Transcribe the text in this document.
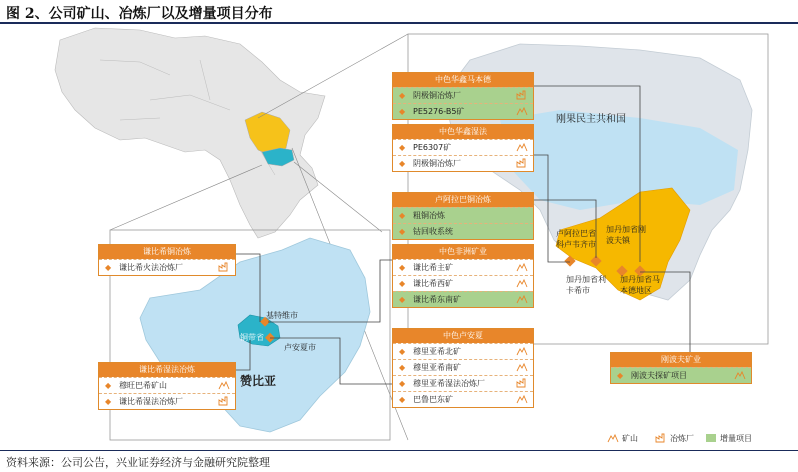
图 2、公司矿山、冶炼厂以及增量项目分布
刚果民主共和国
赞比亚
铜带省
基特维市
卢安夏市
卢阿拉巴省科卢韦齐市
加丹加省刚波夫镇
加丹加省利卡希市
加丹加省马本德地区
中色华鑫马本德
◆ 阴极铜冶炼厂
◆ PE5276-B5矿
中色华鑫湿法
◆ PE6307矿
◆ 阴极铜冶炼厂
卢阿拉巴铜冶炼
◆ 粗铜冶炼
◆ 钴回收系统
中色非洲矿业
◆ 谦比希主矿
◆ 谦比希西矿
◆ 谦比希东南矿
中色卢安夏
◆ 穆里亚希北矿
◆ 穆里亚希南矿
◆ 穆里亚希湿法冶炼厂
◆ 巴鲁巴东矿
谦比希铜冶炼
◆ 谦比希火法冶炼厂
谦比希湿法冶炼
◆ 穆旺巴希矿山
◆ 谦比希湿法冶炼厂
刚波夫矿业
◆ 刚波夫探矿项目
矿山	冶炼厂	增量项目
资料来源：公司公告，兴业证券经济与金融研究院整理
